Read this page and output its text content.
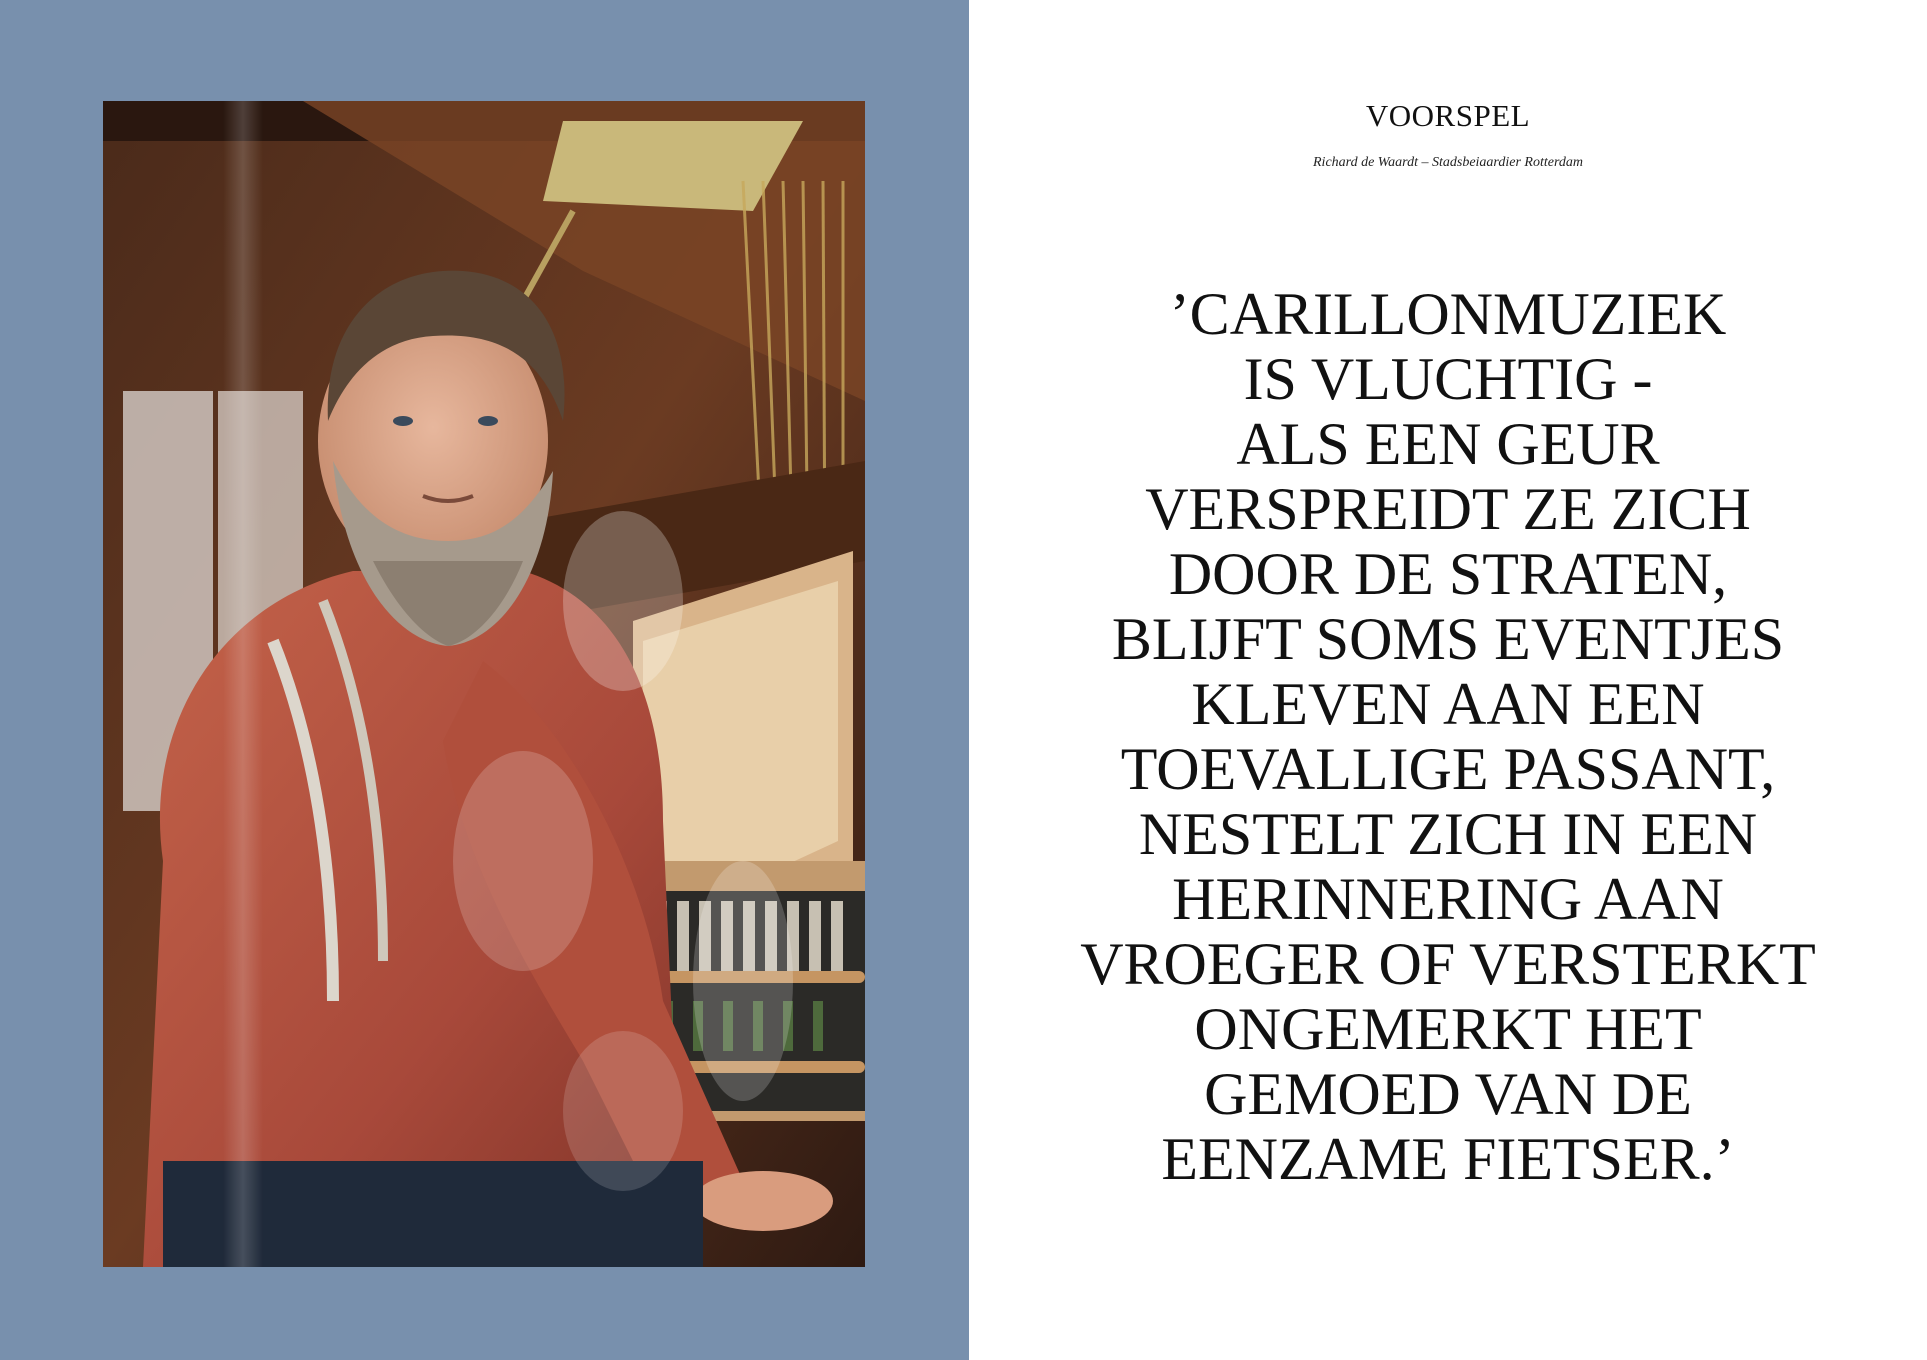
VOORSPEL
Richard de Waardt – Stadsbeiaardier Rotterdam

’CARILLONMUZIEK
IS VLUCHTIG -
ALS EEN GEUR
VERSPREIDT ZE ZICH
DOOR DE STRATEN,
BLIJFT SOMS EVENTJES
KLEVEN AAN EEN
TOEVALLIGE PASSANT,
NESTELT ZICH IN EEN
HERINNERING AAN
VROEGER OF VERSTERKT
ONGEMERKT HET
GEMOED VAN DE
EENZAME FIETSER.’
